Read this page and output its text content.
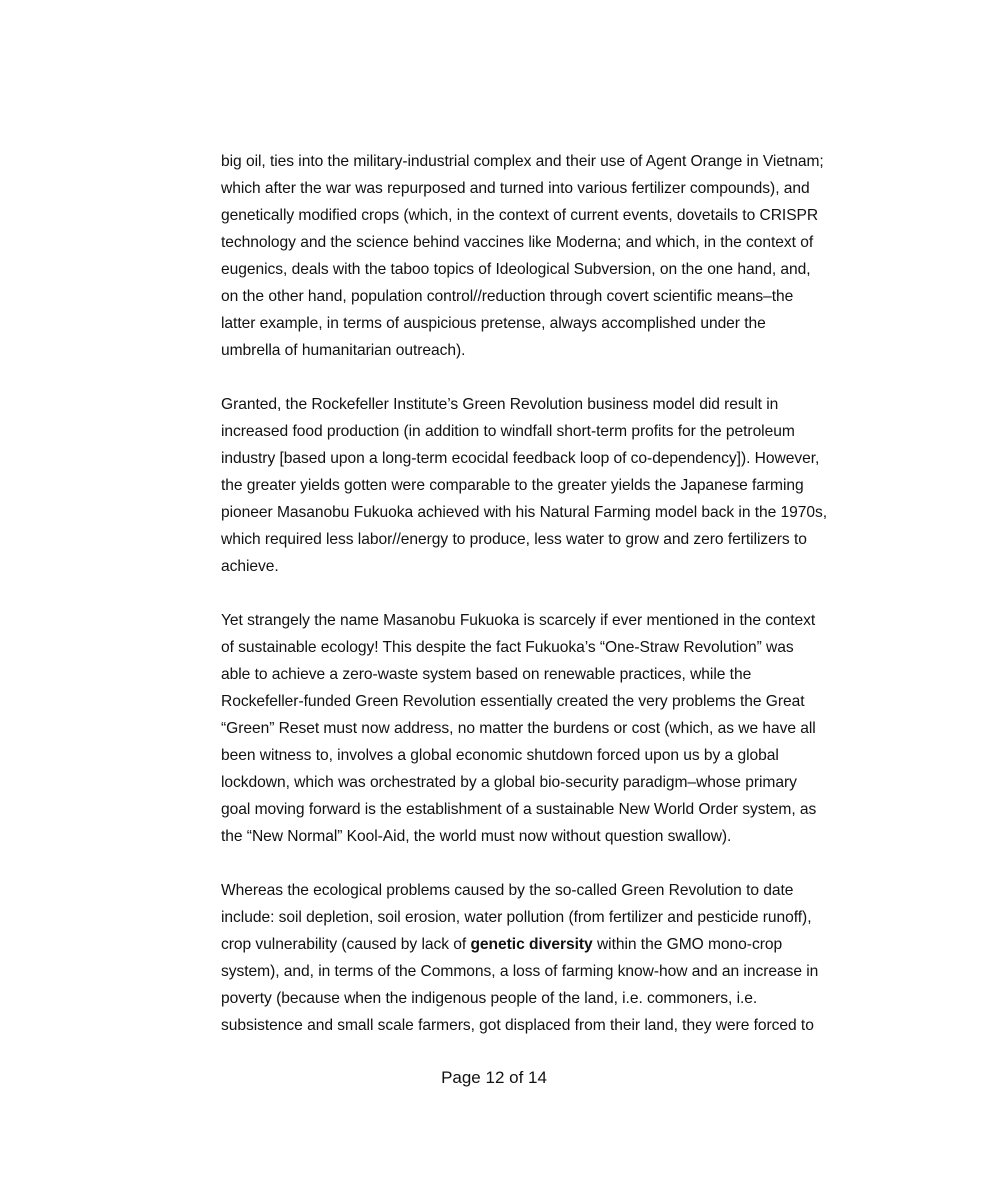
big oil, ties into the military-industrial complex and their use of Agent Orange in Vietnam;
which after the war was repurposed and turned into various fertilizer compounds), and
genetically modified crops (which, in the context of current events, dovetails to CRISPR
technology and the science behind vaccines like Moderna; and which, in the context of
eugenics, deals with the taboo topics of Ideological Subversion, on the one hand, and,
on the other hand, population control//reduction through covert scientific means–the
latter example, in terms of auspicious pretense, always accomplished under the
umbrella of humanitarian outreach).
Granted, the Rockefeller Institute’s Green Revolution business model did result in
increased food production (in addition to windfall short-term profits for the petroleum
industry [based upon a long-term ecocidal feedback loop of co-dependency]). However,
the greater yields gotten were comparable to the greater yields the Japanese farming
pioneer Masanobu Fukuoka achieved with his Natural Farming model back in the 1970s,
which required less labor//energy to produce, less water to grow and zero fertilizers to
achieve.
Yet strangely the name Masanobu Fukuoka is scarcely if ever mentioned in the context
of sustainable ecology! This despite the fact Fukuoka’s “One-Straw Revolution” was
able to achieve a zero-waste system based on renewable practices, while the
Rockefeller-funded Green Revolution essentially created the very problems the Great
“Green” Reset must now address, no matter the burdens or cost (which, as we have all
been witness to, involves a global economic shutdown forced upon us by a global
lockdown, which was orchestrated by a global bio-security paradigm–whose primary
goal moving forward is the establishment of a sustainable New World Order system, as
the “New Normal” Kool-Aid, the world must now without question swallow).
Whereas the ecological problems caused by the so-called Green Revolution to date
include: soil depletion, soil erosion, water pollution (from fertilizer and pesticide runoff),
crop vulnerability (caused by lack of genetic diversity within the GMO mono-crop
system), and, in terms of the Commons, a loss of farming know-how and an increase in
poverty (because when the indigenous people of the land, i.e. commoners, i.e.
subsistence and small scale farmers, got displaced from their land, they were forced to
Page 12 of 14
